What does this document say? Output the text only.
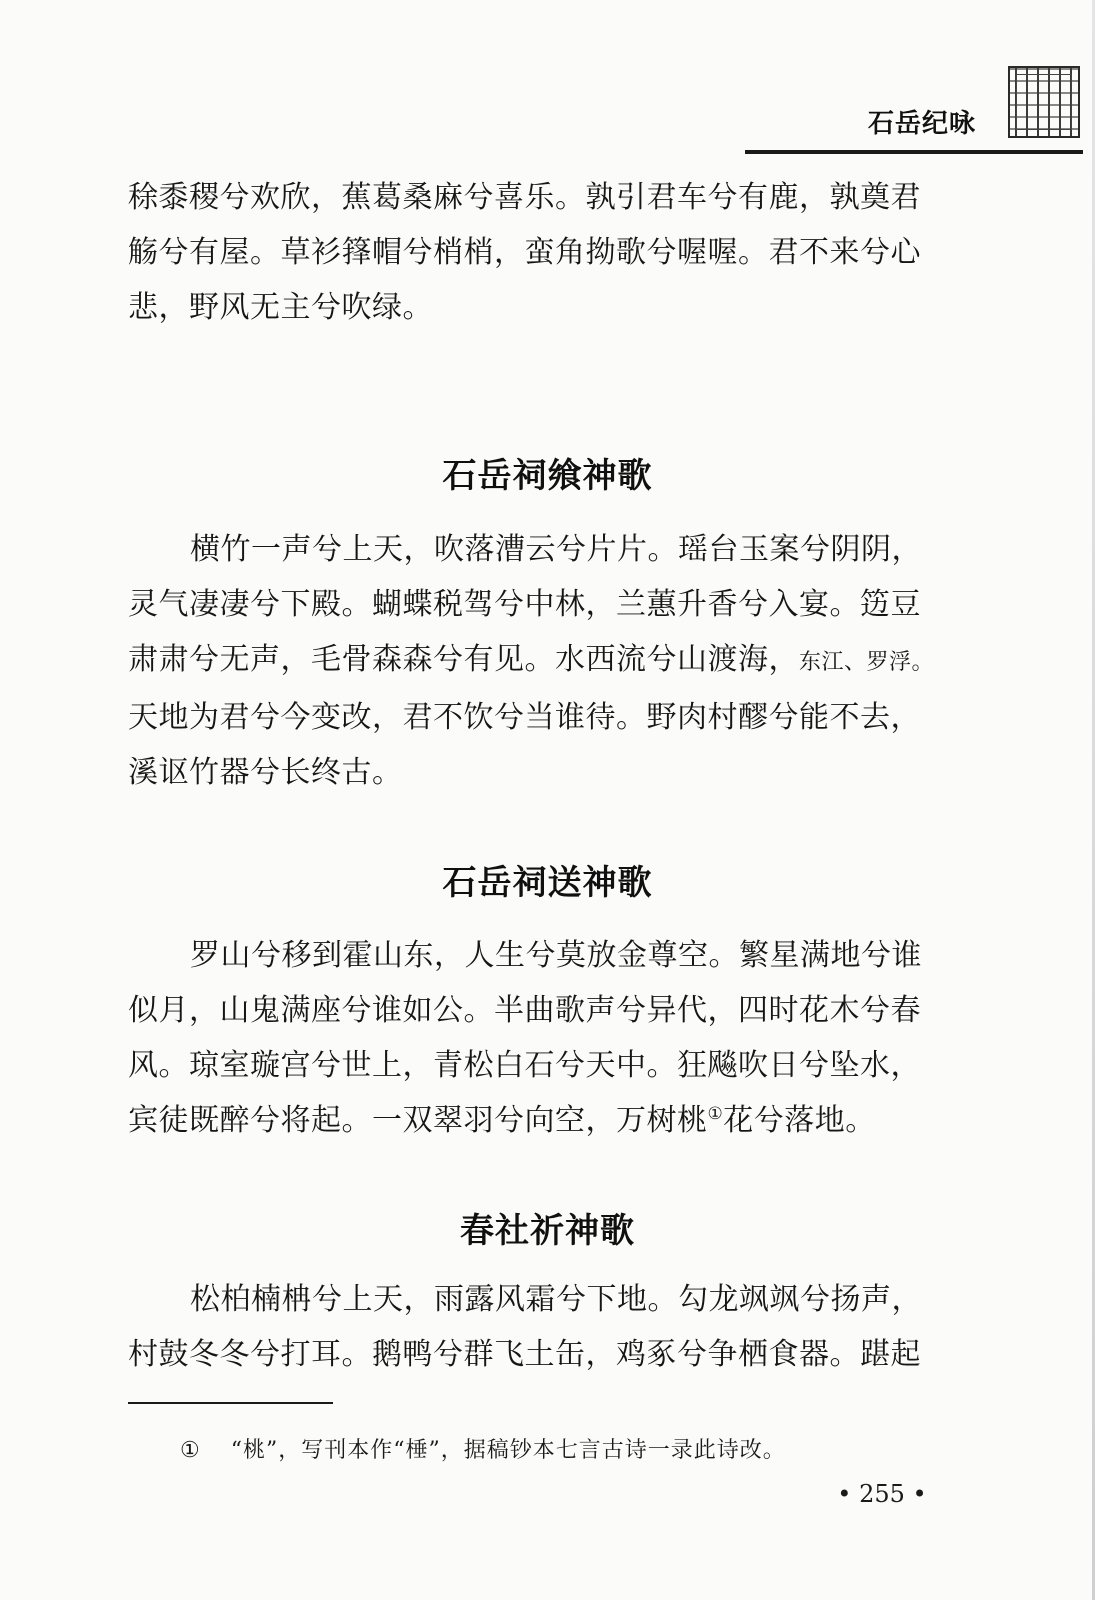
石岳纪咏

稌黍稷兮欢欣，蕉葛桑麻兮喜乐。孰引君车兮有鹿，孰奠君
觞兮有屋。草衫箨帽兮梢梢，蛮角拗歌兮喔喔。君不来兮心
悲，野风无主兮吹绿。

石岳祠飨神歌

横竹一声兮上天，吹落漕云兮片片。瑶台玉案兮阴阴，
灵气凄凄兮下殿。蝴蝶税驾兮中林，兰蕙升香兮入宴。笾豆
肃肃兮无声，毛骨森森兮有见。水西流兮山渡海，东江、罗浮。
天地为君兮今变改，君不饮兮当谁待。野肉村醪兮能不去，
溪讴竹器兮长终古。

石岳祠送神歌

罗山兮移到霍山东，人生兮莫放金尊空。繁星满地兮谁
似月，山鬼满座兮谁如公。半曲歌声兮异代，四时花木兮春
风。琼室璇宫兮世上，青松白石兮天中。狂飚吹日兮坠水，
宾徒既醉兮将起。一双翠羽兮向空，万树桃①花兮落地。

春社祈神歌

松柏楠柟兮上天，雨露风霜兮下地。勾龙飒飒兮扬声，
村鼓冬冬兮打耳。鹅鸭兮群飞土缶，鸡豖兮争栖食器。踸起

① “桃”，写刊本作“棰”，据稿钞本七言古诗一录此诗改。
• 255 •
